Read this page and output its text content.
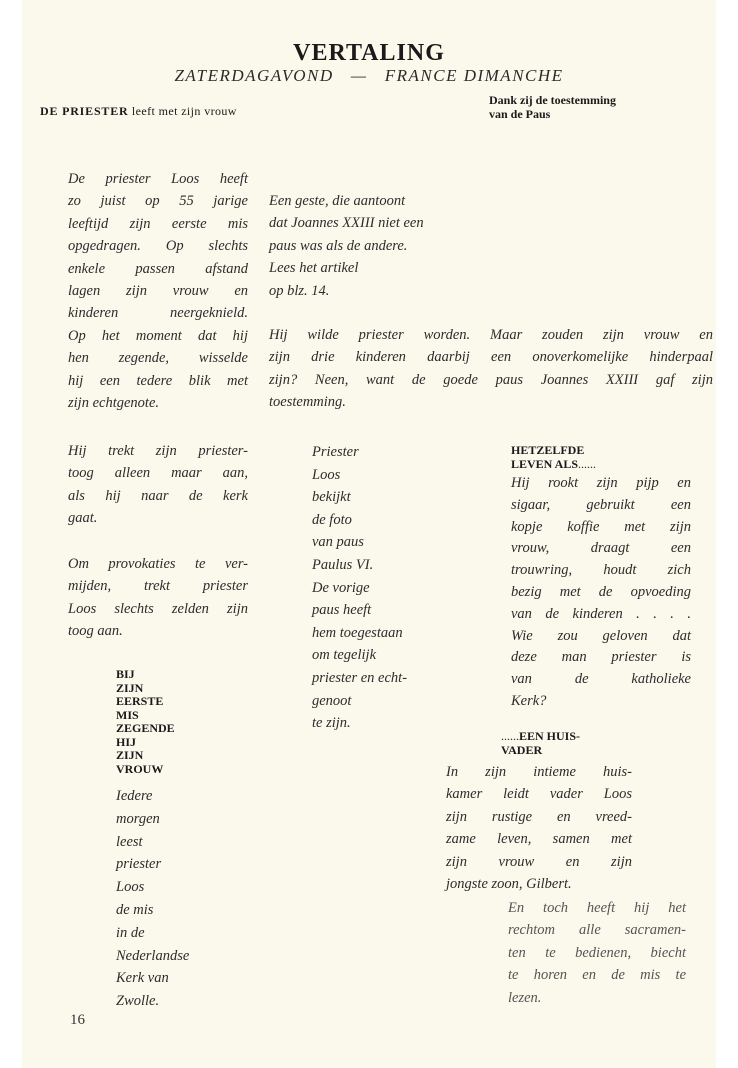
VERTALING
ZATERDAGAVOND   —   FRANCE DIMANCHE
DE PRIESTER leeft met zijn vrouw
Dank zij de toestemming
van de Paus
De priester Loos heeft
zo juist op 55 jarige
leeftijd zijn eerste mis
opgedragen. Op slechts
enkele passen afstand
lagen zijn vrouw en
kinderen neergeknield.
Op het moment dat hij
hen zegende, wisselde
hij een tedere blik met
zijn echtgenote.
Een geste, die aantoont
dat Joannes XXIII niet een
paus was als de andere.
Lees het artikel
op blz. 14.
Hij wilde priester worden. Maar zouden zijn vrouw en
zijn drie kinderen daarbij een onoverkomelijke hinderpaal
zijn? Neen, want de goede paus Joannes XXIII gaf zijn
toestemming.
Hij trekt zijn priester-
toog alleen maar aan,
als hij naar de kerk
gaat.
Om provokaties te ver-
mijden, trekt priester
Loos slechts zelden zijn
toog aan.

BIJ

ZIJN

EERSTE

MIS

ZEGENDE

HIJ

ZIJN

VROUW

Iedere
morgen
leest
priester
Loos
de mis
in de
Nederlandse
Kerk van
Zwolle.
Priester
Loos
bekijkt
de foto
van paus
Paulus VI.
De vorige
paus heeft
hem toegestaan
om tegelijk
priester en echt-
genoot
te zijn.

HETZELFDE

LEVEN ALS......

Hij rookt zijn pijp en
sigaar, gebruikt een
kopje koffie met zijn
vrouw, draagt een
trouwring, houdt zich
bezig met de opvoeding
van de kinderen . . . .
Wie zou geloven dat
deze man priester is
van de katholieke
Kerk?

......EEN HUIS-

VADER

In zijn intieme huis-
kamer leidt vader Loos
zijn rustige en vreed-
zame leven, samen met
zijn vrouw en zijn
jongste zoon, Gilbert.
En toch heeft hij het
rechtom alle sacramen-
ten te bedienen, biecht
te horen en de mis te
lezen.
16
